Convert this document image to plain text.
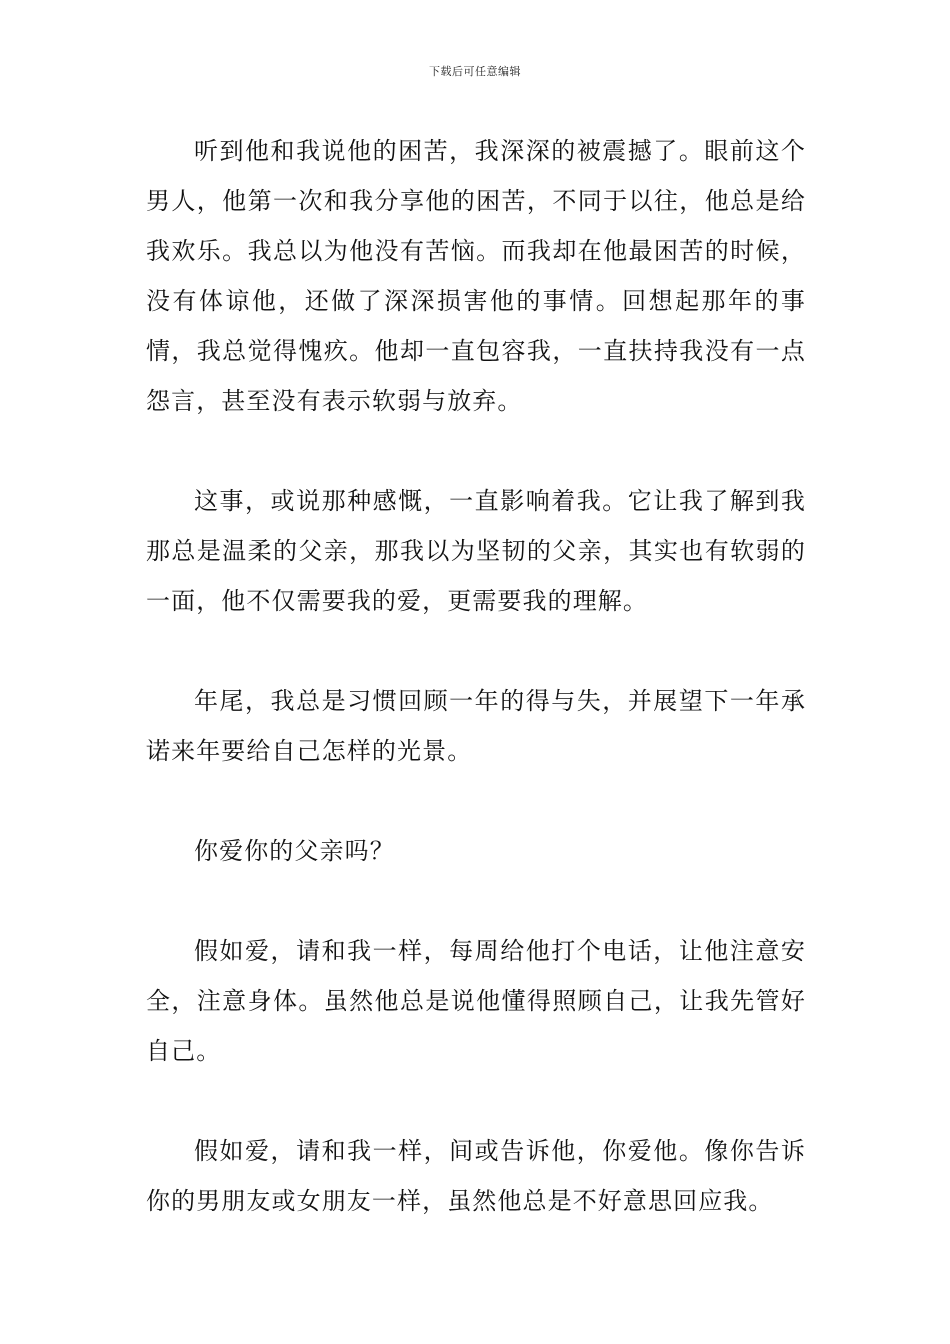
下载后可任意编辑

听到他和我说他的困苦，我深深的被震撼了。眼前这个男人，他第一次和我分享他的困苦，不同于以往，他总是给我欢乐。我总以为他没有苦恼。而我却在他最困苦的时候，没有体谅他，还做了深深损害他的事情。回想起那年的事情，我总觉得愧疚。他却一直包容我，一直扶持我没有一点怨言，甚至没有表示软弱与放弃。

这事，或说那种感慨，一直影响着我。它让我了解到我那总是温柔的父亲，那我以为坚韧的父亲，其实也有软弱的一面，他不仅需要我的爱，更需要我的理解。

年尾，我总是习惯回顾一年的得与失，并展望下一年承诺来年要给自己怎样的光景。

你爱你的父亲吗？

假如爱，请和我一样，每周给他打个电话，让他注意安全，注意身体。虽然他总是说他懂得照顾自己，让我先管好自己。

假如爱，请和我一样，间或告诉他，你爱他。像你告诉你的男朋友或女朋友一样，虽然他总是不好意思回应我。
